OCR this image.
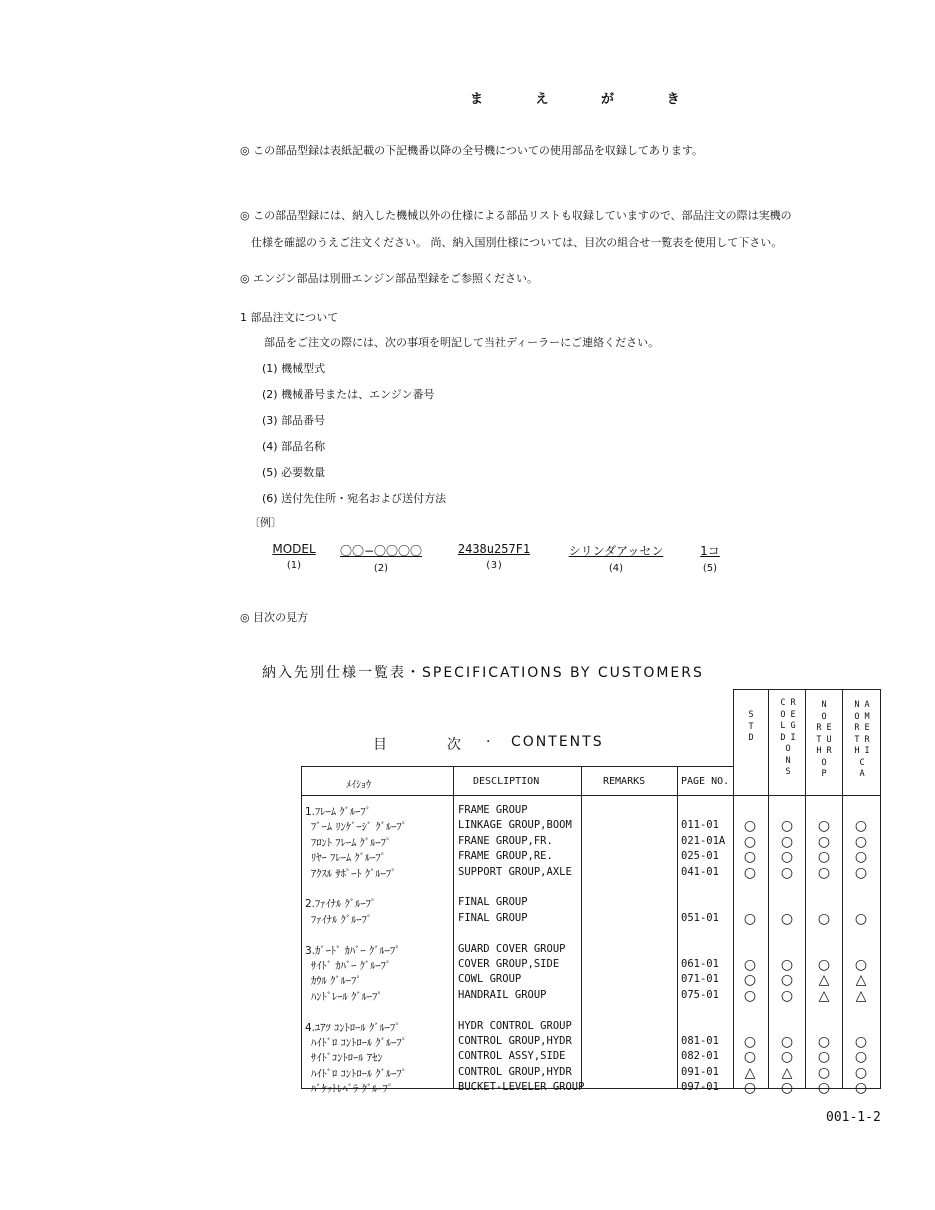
ま え が き
◎ この部品型録は表紙記載の下記機番以降の全号機についての使用部品を収録してあります。
◎ この部品型録には、納入した機械以外の仕様による部品リストも収録していますので、部品注文の際は実機の
仕様を確認のうえご注文ください。 尚、納入国別仕様については、目次の組合せ一覧表を使用して下さい。
◎ エンジン部品は別冊エンジン部品型録をご参照ください。
1 部品注文について
部品をご注文の際には、次の事項を明記して当社ディーラーにご連絡ください。
(1) 機械型式
(2) 機械番号または、エンジン番号
(3) 部品番号
(4) 部品名称
(5) 必要数量
(6) 送付先住所・宛名および送付方法
〔例〕
MODEL
(1)
〇〇−〇〇〇〇
(2)
2438u257F1
(3)
シリンダアッセン
(4)
1コ
(5)
◎ 目次の見方
納入先別仕様一覧表・SPECIFICATIONS BY CUSTOMERS
目	次 · CONTENTS
S
T
D
C R
O E
L G
D I
O
N
S
N
O
R E
T U
H R
O
P
N A
O M
R E
T R
H I
C
A
ﾒｲｼｮｳ	DESCLIPTION	REMARKS	PAGE NO.
1.ﾌﾚｰﾑ ｸﾞﾙｰﾌﾟ	FRAME GROUP
ﾌﾞｰﾑ ﾘﾝｹﾞｰｼﾞ ｸﾞﾙｰﾌﾟ	LINKAGE GROUP,BOOM	011-01 ○ ○ ○ ○
ﾌﾛﾝﾄ ﾌﾚｰﾑ ｸﾞﾙｰﾌﾟ	FRANE GROUP,FR.	021-01A ○ ○ ○ ○
ﾘﾔｰ ﾌﾚｰﾑ ｸﾞﾙｰﾌﾟ	FRAME GROUP,RE.	025-01 ○ ○ ○ ○
ｱｸｽﾙ ｻﾎﾟｰﾄ ｸﾞﾙｰﾌﾟ	SUPPORT GROUP,AXLE	041-01 ○ ○ ○ ○
2.ﾌｧｲﾅﾙ ｸﾞﾙｰﾌﾟ	FINAL GROUP
ﾌｧｲﾅﾙ ｸﾞﾙｰﾌﾟ	FINAL GROUP	051-01 ○ ○ ○ ○
3.ｶﾞｰﾄﾞ ｶﾊﾞｰ ｸﾞﾙｰﾌﾟ	GUARD COVER GROUP
ｻｲﾄﾞ ｶﾊﾞｰ ｸﾞﾙｰﾌﾟ	COVER GROUP,SIDE	061-01 ○ ○ ○ ○
ｶｳﾙ ｸﾞﾙｰﾌﾟ	COWL GROUP	071-01 ○ ○ △ △
ﾊﾝﾄﾞﾚｰﾙ ｸﾞﾙｰﾌﾟ	HANDRAIL GROUP	075-01 ○ ○ △ △
4.ﾕｱﾂ ｺﾝﾄﾛｰﾙ ｸﾞﾙｰﾌﾟ	HYDR CONTROL GROUP
ﾊｲﾄﾞﾛ ｺﾝﾄﾛｰﾙ ｸﾞﾙｰﾌﾟ	CONTROL GROUP,HYDR	081-01 ○ ○ ○ ○
ｻｲﾄﾞｺﾝﾄﾛｰﾙ ｱｾﾝ	CONTROL ASSY,SIDE	082-01 ○ ○ ○ ○
ﾊｲﾄﾞﾛ ｺﾝﾄﾛｰﾙ ｸﾞﾙｰﾌﾟ	CONTROL GROUP,HYDR	091-01 △ △ ○ ○
ﾊﾞｹｯﾄﾚﾍﾞﾗ ｸﾞﾙｰﾌﾟ	BUCKET-LEVELER GROUP	097-01 ○ ○ ○ ○
001-1-2
